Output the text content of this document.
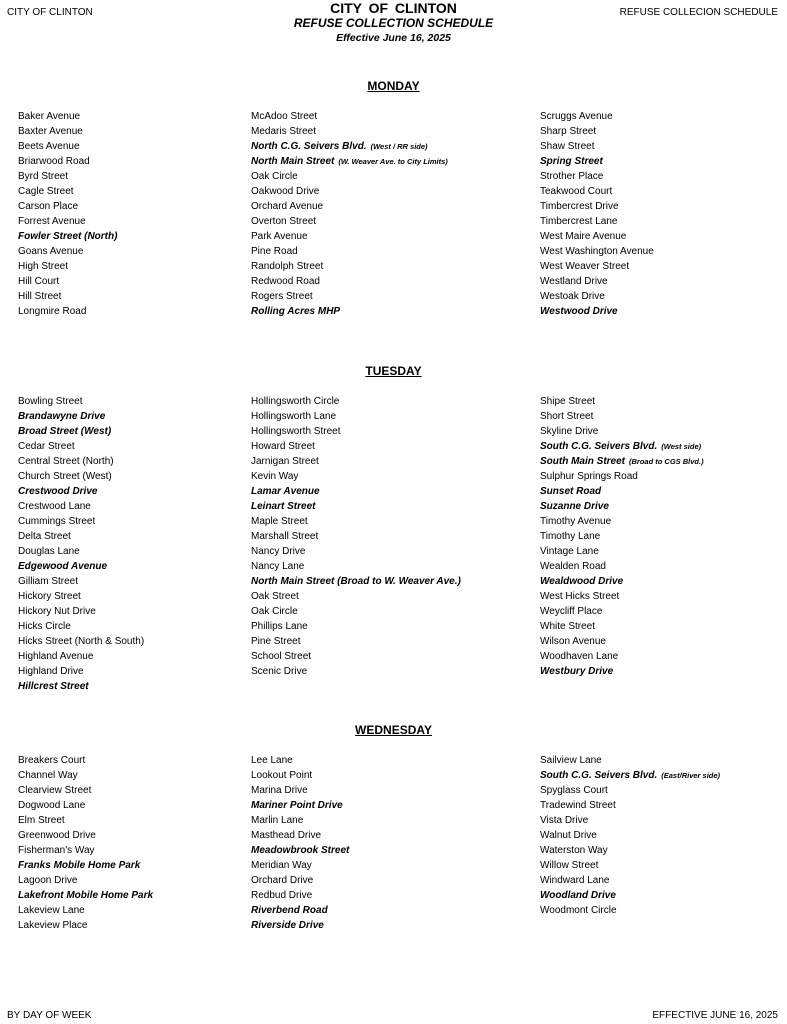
CITY OF CLINTON	REFUSE COLLECION SCHEDULE
CITY OF CLINTON
REFUSE COLLECTION SCHEDULE
Effective June 16, 2025
MONDAY
Baker Avenue
Baxter Avenue
Beets Avenue
Briarwood Road
Byrd Street
Cagle Street
Carson Place
Forrest Avenue
Fowler Street (North)
Goans Avenue
High Street
Hill Court
Hill Street
Longmire Road
McAdoo Street
Medaris Street
North C.G. Seivers Blvd. (West / RR side)
North Main Street (W. Weaver Ave. to City Limits)
Oak Circle
Oakwood Drive
Orchard Avenue
Overton Street
Park Avenue
Pine Road
Randolph Street
Redwood Road
Rogers Street
Rolling Acres MHP
Scruggs Avenue
Sharp Street
Shaw Street
Spring Street
Strother Place
Teakwood Court
Timbercrest Drive
Timbercrest Lane
West Maire Avenue
West Washington Avenue
West Weaver Street
Westland Drive
Westoak Drive
Westwood Drive
TUESDAY
Bowling Street
Brandawyne Drive
Broad Street (West)
Cedar Street
Central Street (North)
Church Street (West)
Crestwood Drive
Crestwood Lane
Cummings Street
Delta Street
Douglas Lane
Edgewood Avenue
Gilliam Street
Hickory Street
Hickory Nut Drive
Hicks Circle
Hicks Street (North & South)
Highland Avenue
Highland Drive
Hillcrest Street
Hollingsworth Circle
Hollingsworth Lane
Hollingsworth Street
Howard Street
Jarnigan Street
Kevin Way
Lamar Avenue
Leinart Street
Maple Street
Marshall Street
Nancy Drive
Nancy Lane
North Main Street (Broad to W. Weaver Ave.)
Oak Street
Oak Circle
Phillips Lane
Pine Street
School Street
Scenic Drive
Shipe Street
Short Street
Skyline Drive
South C.G. Seivers Blvd. (West side)
South Main Street (Broad to CGS Blvd.)
Sulphur Springs Road
Sunset Road
Suzanne Drive
Timothy Avenue
Timothy Lane
Vintage Lane
Wealden Road
Wealdwood Drive
West Hicks Street
Weycliff Place
White Street
Wilson Avenue
Woodhaven Lane
Westbury Drive
WEDNESDAY
Breakers Court
Channel Way
Clearview Street
Dogwood Lane
Elm Street
Greenwood Drive
Fisherman's Way
Franks Mobile Home Park
Lagoon Drive
Lakefront Mobile Home Park
Lakeview Lane
Lakeview Place
Lee Lane
Lookout Point
Marina Drive
Mariner Point Drive
Marlin Lane
Masthead Drive
Meadowbrook Street
Meridian Way
Orchard Drive
Redbud Drive
Riverbend Road
Riverside Drive
Sailview Lane
South C.G. Seivers Blvd. (East/River side)
Spyglass Court
Tradewind Street
Vista Drive
Walnut Drive
Waterston Way
Willow Street
Windward Lane
Woodland Drive
Woodmont Circle
BY DAY OF WEEK	EFFECTIVE JUNE 16, 2025
